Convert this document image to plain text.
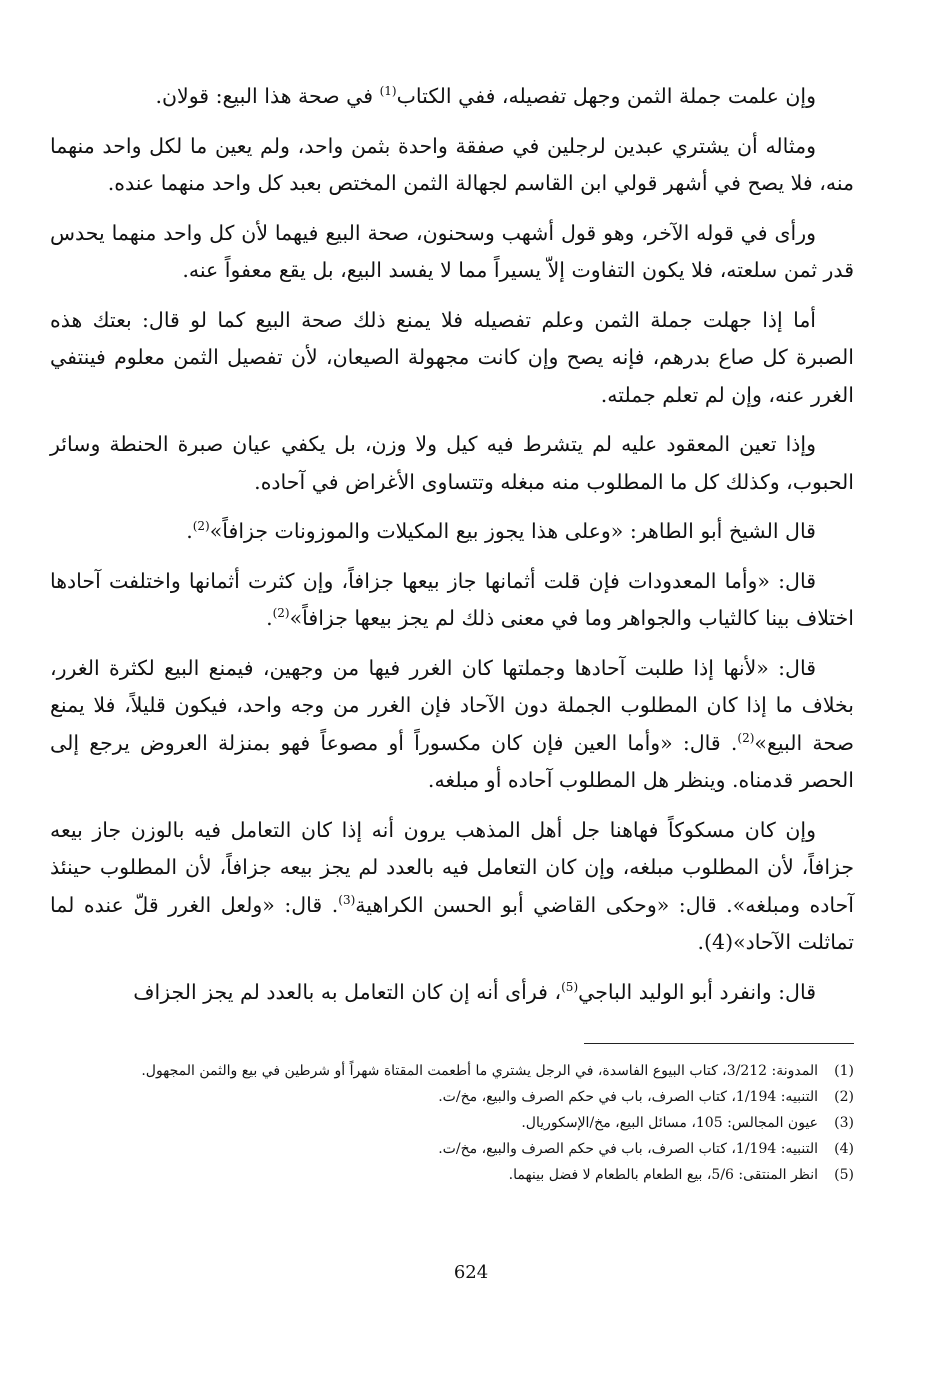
وإن علمت جملة الثمن وجهل تفصيله، ففي الكتاب$^{(1)}$ في صحة هذا البيع: قولان.

ومثاله أن يشتري عبدين لرجلين في صفقة واحدة بثمن واحد، ولم يعين ما لكل واحد منهما منه، فلا يصح في أشهر قولي ابن القاسم لجهالة الثمن المختص بعبد كل واحد منهما عنده.

ورأى في قوله الآخر، وهو قول أشهب وسحنون، صحة البيع فيهما لأن كل واحد منهما يحدس قدر ثمن سلعته، فلا يكون التفاوت إلاّ يسيراً مما لا يفسد البيع، بل يقع معفواً عنه.

أما إذا جهلت جملة الثمن وعلم تفصيله فلا يمنع ذلك صحة البيع كما لو قال: بعتك هذه الصبرة كل صاع بدرهم، فإنه يصح وإن كانت مجهولة الصيعان، لأن تفصيل الثمن معلوم فينتفي الغرر عنه، وإن لم تعلم جملته.

وإذا تعين المعقود عليه لم يتشرط فيه كيل ولا وزن، بل يكفي عيان صبرة الحنطة وسائر الحبوب، وكذلك كل ما المطلوب منه مبغله وتتساوى الأغراض في آحاده.

قال الشيخ أبو الطاهر: «وعلى هذا يجوز بيع المكيلات والموزونات جزافاً»$^{(2)}$.

قال: «وأما المعدودات فإن قلت أثمانها جاز بيعها جزافاً، وإن كثرت أثمانها واختلفت آحادها اختلاف بينا كالثياب والجواهر وما في معنى ذلك لم يجز بيعها جزافاً»$^{(2)}$.

قال: «لأنها إذا طلبت آحادها وجملتها كان الغرر فيها من وجهين، فيمنع البيع لكثرة الغرر، بخلاف ما إذا كان المطلوب الجملة دون الآحاد فإن الغرر من وجه واحد، فيكون قليلاً، فلا يمنع صحة البيع»$^{(2)}$. قال: «وأما العين فإن كان مكسوراً أو مصوعاً فهو بمنزلة العروض يرجع إلى الحصر قدمناه. وينظر هل المطلوب آحاده أو مبلغه.

وإن كان مسكوكاً فهاهنا جل أهل المذهب يرون أنه إذا كان التعامل فيه بالوزن جاز بيعه جزافاً، لأن المطلوب مبلغه، وإن كان التعامل فيه بالعدد لم يجز بيعه جزافاً، لأن المطلوب حينئذ آحاده ومبلغه». قال: «وحكى القاضي أبو الحسن الكراهية$^{(3)}$. قال: «ولعل الغرر قلّ عنده لما تماثلت الآحاد»(4).

قال: وانفرد أبو الوليد الباجي$^{(5)}$، فرأى أنه إن كان التعامل به بالعدد لم يجز الجزاف

(1)
المدونة: 3/212، كتاب البيوع الفاسدة، في الرجل يشتري ما أطعمت المقتاة شهراً أو شرطين في بيع والثمن المجهول.
(2)
التنبيه: 1/194، كتاب الصرف، باب في حكم الصرف والبيع، مخ/ت.
(3)
عيون المجالس: 105، مسائل البيع، مخ/الإسكوريال.
(4)
التنبيه: 1/194، كتاب الصرف، باب في حكم الصرف والبيع، مخ/ت.
(5)
انظر المنتقى: 5/6، بيع الطعام بالطعام لا فضل بينهما.
624
